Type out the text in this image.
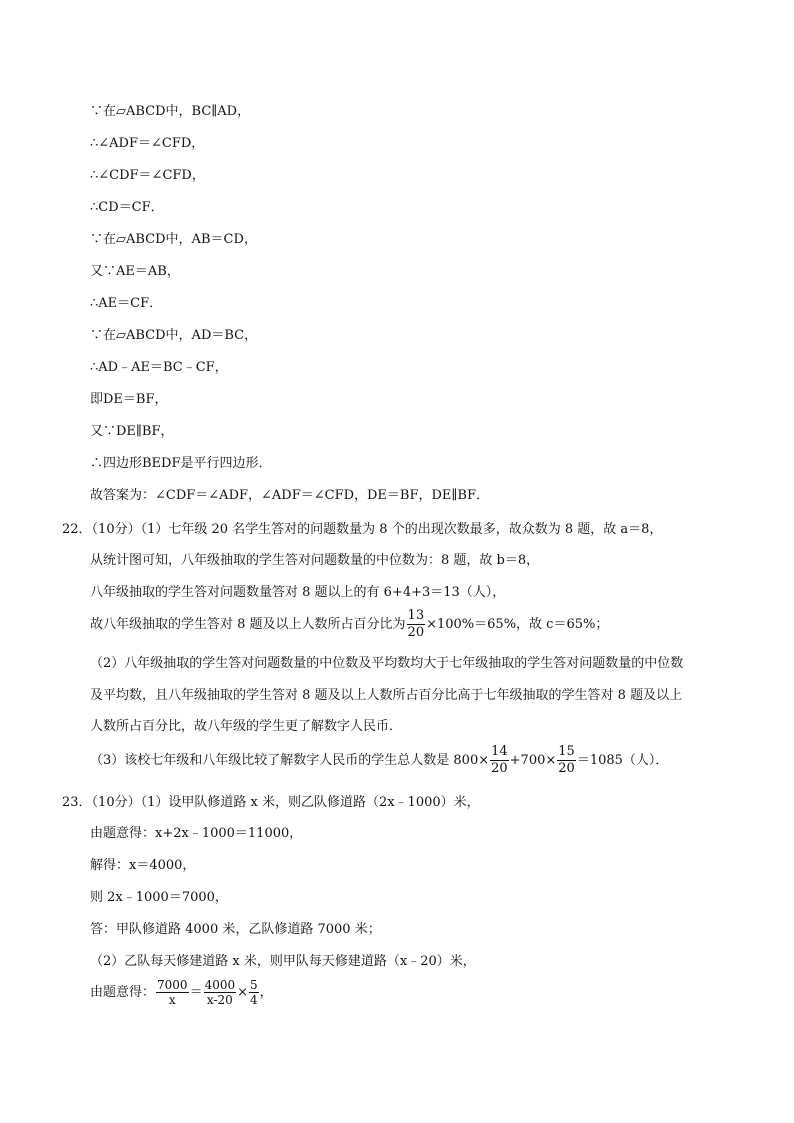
∵在▱ABCD中，BC∥AD，
∴∠ADF＝∠CFD，
∴∠CDF＝∠CFD，
∴CD＝CF．
∵在▱ABCD中，AB＝CD，
又∵AE＝AB，
∴AE＝CF．
∵在▱ABCD中，AD＝BC，
∴AD﹣AE＝BC﹣CF，
即DE＝BF，
又∵DE∥BF，
∴四边形BEDF是平行四边形．
故答案为：∠CDF＝∠ADF，∠ADF＝∠CFD，DE＝BF，DE∥BF．
22．（10分）（1）七年级 20 名学生答对的问题数量为 8 个的出现次数最多，故众数为 8 题，故 a＝8，
从统计图可知，八年级抽取的学生答对问题数量的中位数为：8 题，故 b＝8，
八年级抽取的学生答对问题数量答对 8 题以上的有 6+4+3＝13（人），
故八年级抽取的学生答对 8 题及以上人数所占百分比为 $\frac{13}{20} \times 100\%=65\%$，故 c＝65%；
（2）八年级抽取的学生答对问题数量的中位数及平均数均大于七年级抽取的学生答对问题数量的中位数
及平均数，且八年级抽取的学生答对 8 题及以上人数所占百分比高于七年级抽取的学生答对 8 题及以上
人数所占百分比，故八年级的学生更了解数字人民币．
（3）该校七年级和八年级比较了解数字人民币的学生总人数是 $800\times \frac{14}{20} +700\times \frac{15}{20} =1085$（人）．
23．（10分）（1）设甲队修道路 x 米，则乙队修道路（2x﹣1000）米，
由题意得：x+2x﹣1000＝11000，
解得：x＝4000，
则 2x﹣1000＝7000，
答：甲队修道路 4000 米，乙队修道路 7000 米；
（2）乙队每天修建道路 x 米，则甲队每天修建道路（x﹣20）米，
由题意得： $\frac{7000}{x} = \frac{4000}{x-20} \times \frac{5}{4}$ ，
